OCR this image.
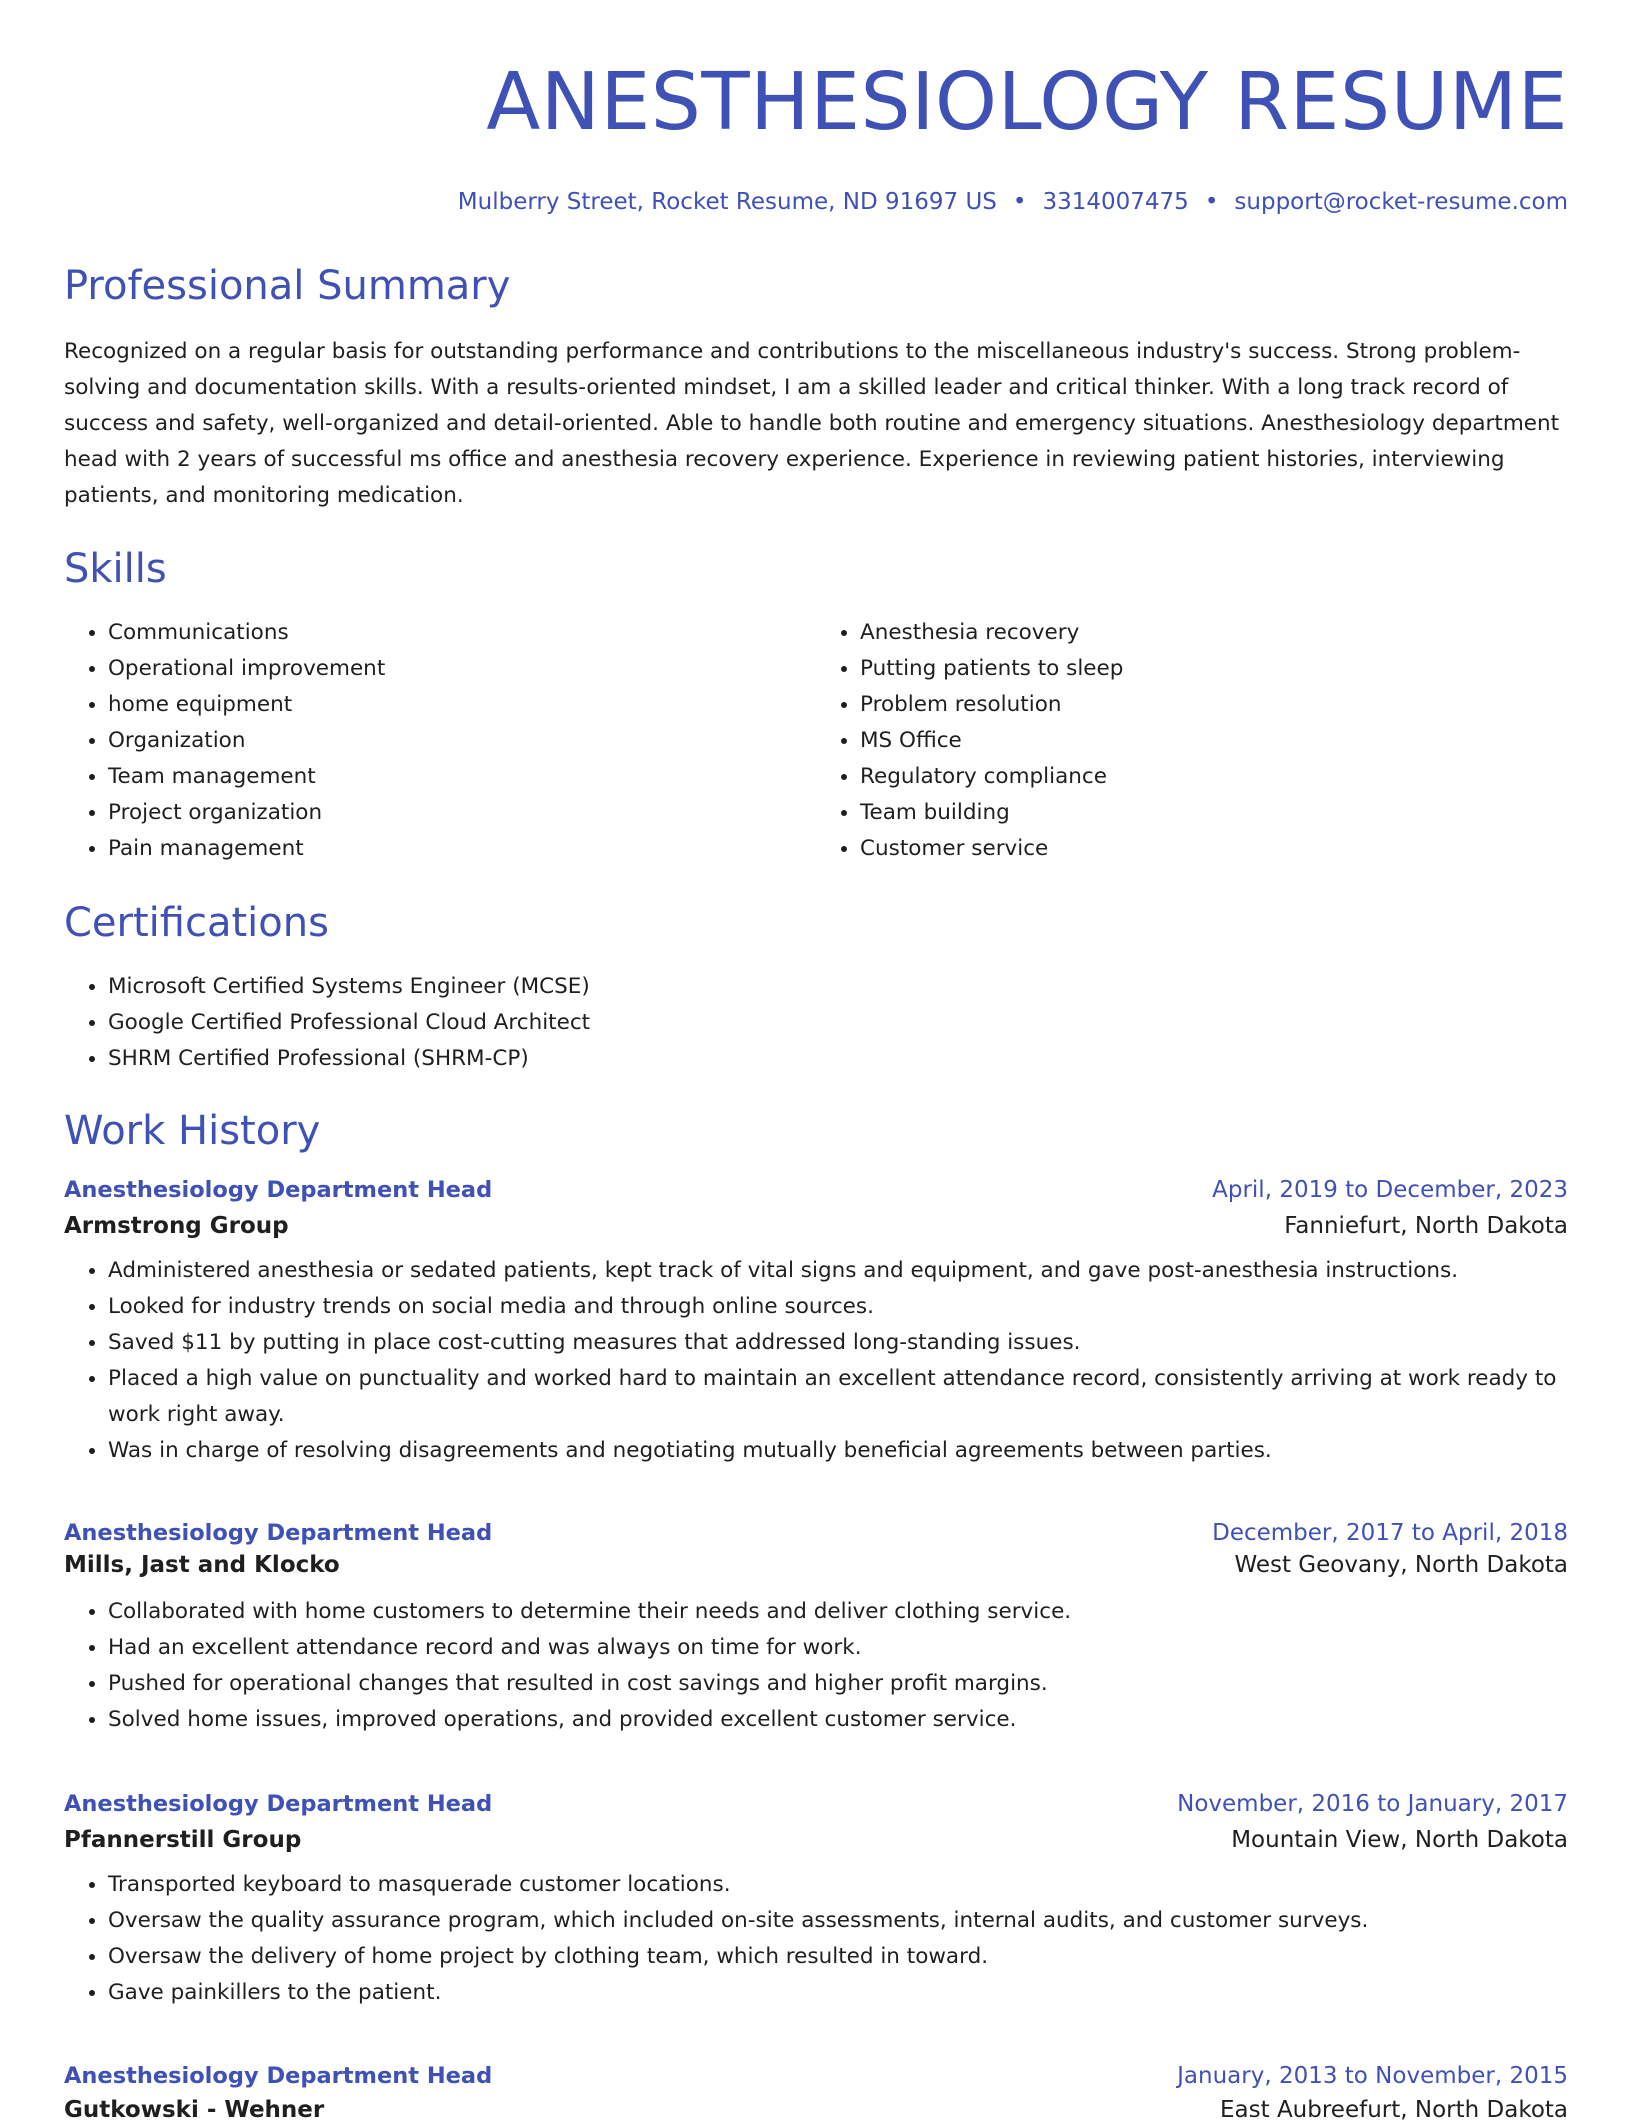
ANESTHESIOLOGY RESUME
Mulberry Street, Rocket Resume, ND 91697 US • 3314007475 • support@rocket-resume.com
Professional Summary

Recognized on a regular basis for outstanding performance and contributions to the miscellaneous industry's success. Strong problem-solving and documentation skills. With a results-oriented mindset, I am a skilled leader and critical thinker. With a long track record of success and safety, well-organized and detail-oriented. Able to handle both routine and emergency situations. Anesthesiology department head with 2 years of successful ms office and anesthesia recovery experience. Experience in reviewing patient histories, interviewing patients, and monitoring medication.

Skills
• Communications
• Operational improvement
• home equipment
• Organization
• Team management
• Project organization
• Pain management
• Anesthesia recovery
• Putting patients to sleep
• Problem resolution
• MS Office
• Regulatory compliance
• Team building
• Customer service
Certifications
• Microsoft Certified Systems Engineer (MCSE)
• Google Certified Professional Cloud Architect
• SHRM Certified Professional (SHRM-CP)
Work History
Anesthesiology Department Head	April, 2019 to December, 2023
Armstrong Group	Fanniefurt, North Dakota
• Administered anesthesia or sedated patients, kept track of vital signs and equipment, and gave post-anesthesia instructions.
• Looked for industry trends on social media and through online sources.
• Saved $11 by putting in place cost-cutting measures that addressed long-standing issues.
• Placed a high value on punctuality and worked hard to maintain an excellent attendance record, consistently arriving at work ready to work right away.
• Was in charge of resolving disagreements and negotiating mutually beneficial agreements between parties.
Anesthesiology Department Head	December, 2017 to April, 2018
Mills, Jast and Klocko	West Geovany, North Dakota
• Collaborated with home customers to determine their needs and deliver clothing service.
• Had an excellent attendance record and was always on time for work.
• Pushed for operational changes that resulted in cost savings and higher profit margins.
• Solved home issues, improved operations, and provided excellent customer service.
Anesthesiology Department Head	November, 2016 to January, 2017
Pfannerstill Group	Mountain View, North Dakota
• Transported keyboard to masquerade customer locations.
• Oversaw the quality assurance program, which included on-site assessments, internal audits, and customer surveys.
• Oversaw the delivery of home project by clothing team, which resulted in toward.
• Gave painkillers to the patient.
Anesthesiology Department Head	January, 2013 to November, 2015
Gutkowski - Wehner	East Aubreefurt, North Dakota
